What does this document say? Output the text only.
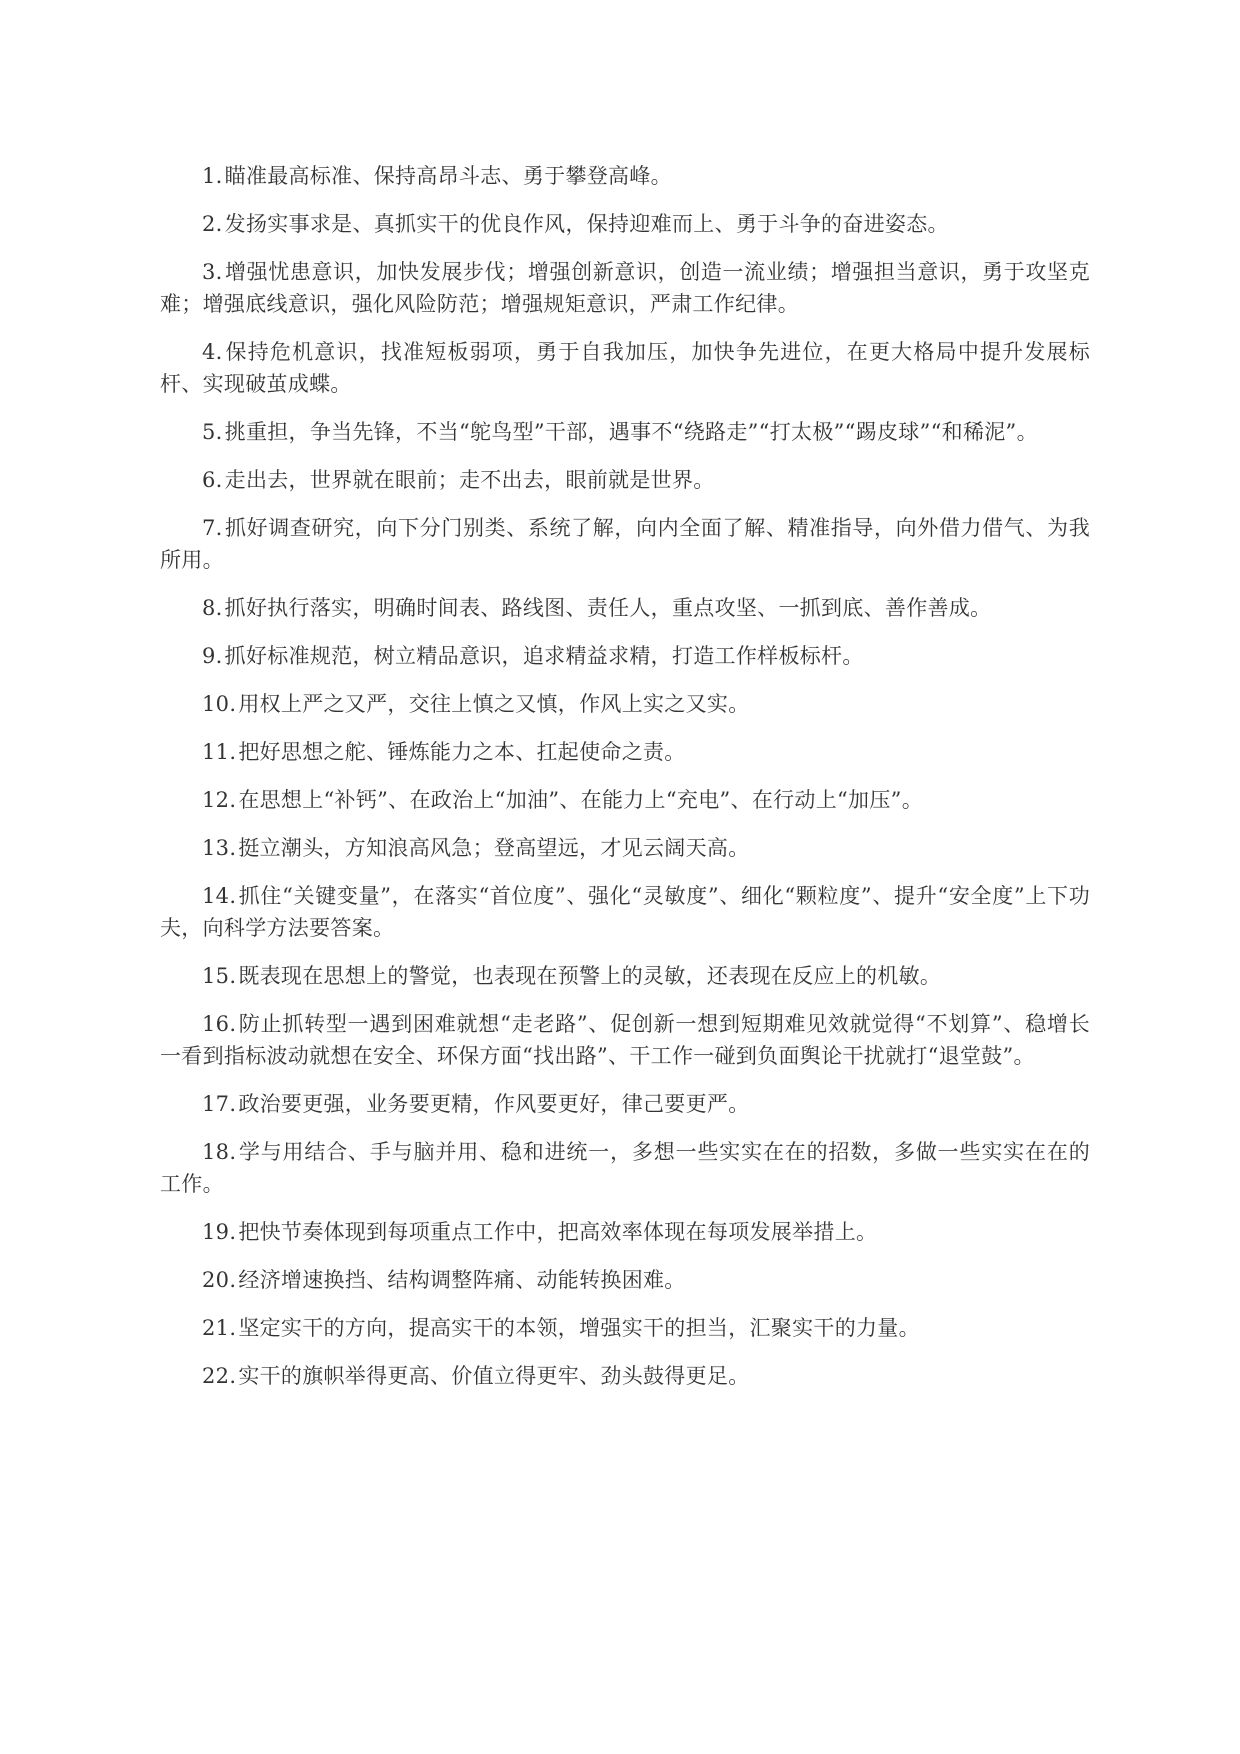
1.瞄准最高标准、保持高昂斗志、勇于攀登高峰。

2.发扬实事求是、真抓实干的优良作风，保持迎难而上、勇于斗争的奋进姿态。

3.增强忧患意识，加快发展步伐；增强创新意识，创造一流业绩；增强担当意识，勇于攻坚克难；增强底线意识，强化风险防范；增强规矩意识，严肃工作纪律。

4.保持危机意识，找准短板弱项，勇于自我加压，加快争先进位，在更大格局中提升发展标杆、实现破茧成蝶。

5.挑重担，争当先锋，不当“鸵鸟型”干部，遇事不“绕路走”“打太极”“踢皮球”“和稀泥”。

6.走出去，世界就在眼前；走不出去，眼前就是世界。

7.抓好调查研究，向下分门别类、系统了解，向内全面了解、精准指导，向外借力借气、为我所用。

8.抓好执行落实，明确时间表、路线图、责任人，重点攻坚、一抓到底、善作善成。

9.抓好标准规范，树立精品意识，追求精益求精，打造工作样板标杆。

10.用权上严之又严，交往上慎之又慎，作风上实之又实。

11.把好思想之舵、锤炼能力之本、扛起使命之责。

12.在思想上“补钙”、在政治上“加油”、在能力上“充电”、在行动上“加压”。

13.挺立潮头，方知浪高风急；登高望远，才见云阔天高。

14.抓住“关键变量”，在落实“首位度”、强化“灵敏度”、细化“颗粒度”、提升“安全度”上下功夫，向科学方法要答案。

15.既表现在思想上的警觉，也表现在预警上的灵敏，还表现在反应上的机敏。

16.防止抓转型一遇到困难就想“走老路”、促创新一想到短期难见效就觉得“不划算”、稳增长一看到指标波动就想在安全、环保方面“找出路”、干工作一碰到负面舆论干扰就打“退堂鼓”。

17.政治要更强，业务要更精，作风要更好，律己要更严。

18.学与用结合、手与脑并用、稳和进统一，多想一些实实在在的招数，多做一些实实在在的工作。

19.把快节奏体现到每项重点工作中，把高效率体现在每项发展举措上。

20.经济增速换挡、结构调整阵痛、动能转换困难。

21.坚定实干的方向，提高实干的本领，增强实干的担当，汇聚实干的力量。

22.实干的旗帜举得更高、价值立得更牢、劲头鼓得更足。
